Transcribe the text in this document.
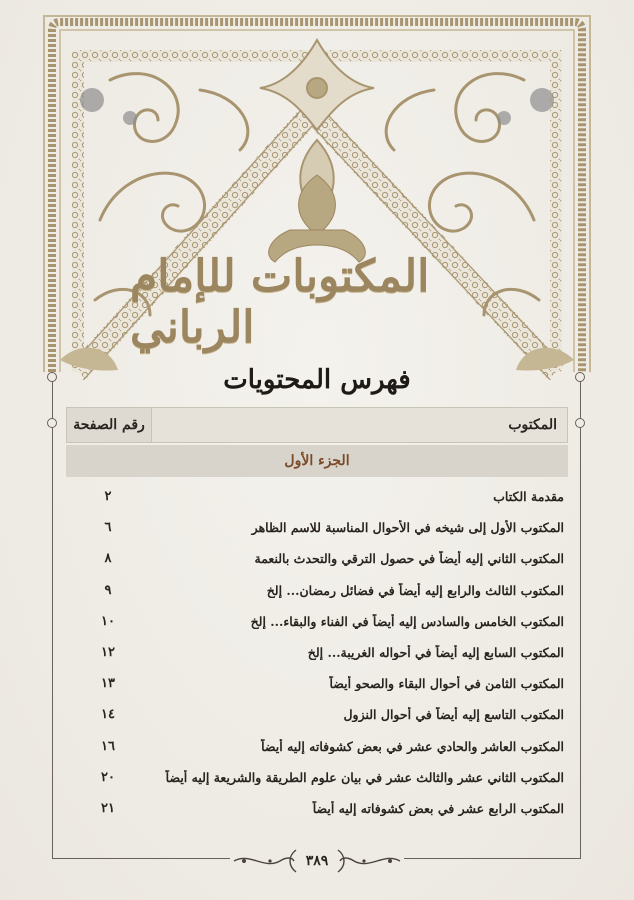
المكتوبات للإمام الرباني
فهرس المحتويات
المكتوب
رقم الصفحة
الجزء الأول
مقدمة الكتاب
٢
المكتوب الأول إلى شيخه في الأحوال المناسبة للاسم الظاهر
٦
المكتوب الثاني إليه أيضاً في حصول الترقي والتحدث بالنعمة
٨
المكتوب الثالث والرابع إليه أيضاً في فضائل رمضان... إلخ
٩
المكتوب الخامس والسادس إليه أيضاً في الفناء والبقاء... إلخ
١٠
المكتوب السابع إليه أيضاً في أحواله الغريبة... إلخ
١٢
المكتوب الثامن في أحوال البقاء والصحو أيضاً
١٣
المكتوب التاسع إليه أيضاً في أحوال النزول
١٤
المكتوب العاشر والحادي عشر في بعض كشوفاته إليه أيضاً
١٦
المكتوب الثاني عشر والثالث عشر في بيان علوم الطريقة والشريعة إليه أيضاً
٢٠
المكتوب الرابع عشر في بعض كشوفاته إليه أيضاً
٢١
٣٨٩
